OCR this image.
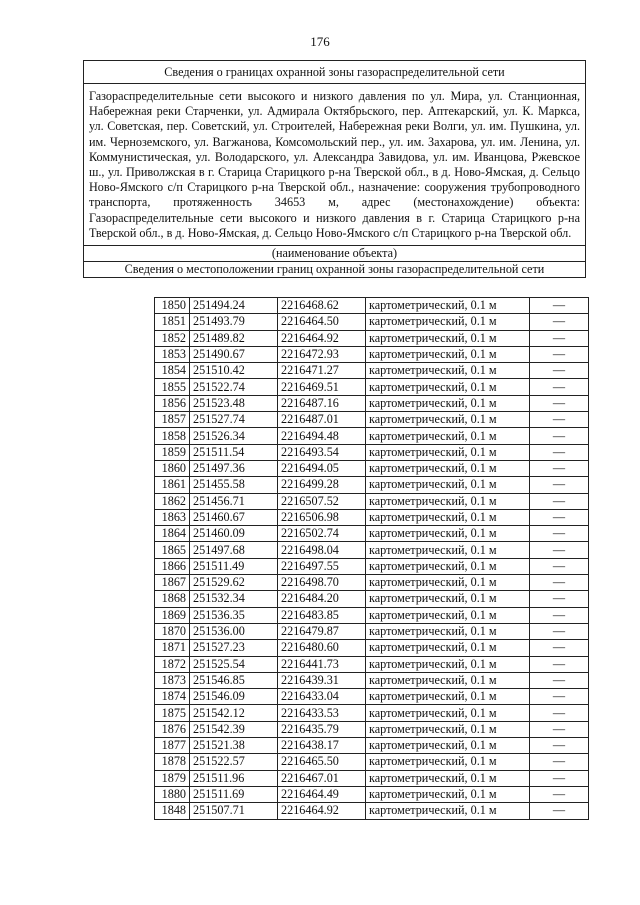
176
Сведения о границах охранной зоны газораспределительной сети
Газораспределительные сети высокого и низкого давления по ул. Мира, ул. Станционная, Набережная реки Старченки, ул. Адмирала Октябрьского, пер. Аптекарский, ул. К. Маркса, ул. Советская, пер. Советский, ул. Строителей, Набережная реки Волги, ул. им. Пушкина, ул. им. Черноземского, ул. Вагжанова, Комсомольский пер., ул. им. Захарова, ул. им. Ленина, ул. Коммунистическая, ул. Володарского, ул. Александра Завидова, ул. им. Иванцова, Ржевское ш., ул. Приволжская в г. Старица Старицкого р-на Тверской обл., в д. Ново-Ямская, д. Сельцо Ново-Ямского с/п Старицкого р-на Тверской обл., назначение: сооружения трубопроводного транспорта, протяженность 34653 м, адрес (местонахождение) объекта: Газораспределительные сети высокого и низкого давления в г. Старица Старицкого р-на Тверской обл., в д. Ново-Ямская, д. Сельцо Ново-Ямского с/п Старицкого р-на Тверской обл.
(наименование объекта)
Сведения о местоположении границ охранной зоны газораспределительной сети
1850	251494.24	2216468.62	картометрический, 0.1 м	—
1851	251493.79	2216464.50	картометрический, 0.1 м	—
1852	251489.82	2216464.92	картометрический, 0.1 м	—
1853	251490.67	2216472.93	картометрический, 0.1 м	—
1854	251510.42	2216471.27	картометрический, 0.1 м	—
1855	251522.74	2216469.51	картометрический, 0.1 м	—
1856	251523.48	2216487.16	картометрический, 0.1 м	—
1857	251527.74	2216487.01	картометрический, 0.1 м	—
1858	251526.34	2216494.48	картометрический, 0.1 м	—
1859	251511.54	2216493.54	картометрический, 0.1 м	—
1860	251497.36	2216494.05	картометрический, 0.1 м	—
1861	251455.58	2216499.28	картометрический, 0.1 м	—
1862	251456.71	2216507.52	картометрический, 0.1 м	—
1863	251460.67	2216506.98	картометрический, 0.1 м	—
1864	251460.09	2216502.74	картометрический, 0.1 м	—
1865	251497.68	2216498.04	картометрический, 0.1 м	—
1866	251511.49	2216497.55	картометрический, 0.1 м	—
1867	251529.62	2216498.70	картометрический, 0.1 м	—
1868	251532.34	2216484.20	картометрический, 0.1 м	—
1869	251536.35	2216483.85	картометрический, 0.1 м	—
1870	251536.00	2216479.87	картометрический, 0.1 м	—
1871	251527.23	2216480.60	картометрический, 0.1 м	—
1872	251525.54	2216441.73	картометрический, 0.1 м	—
1873	251546.85	2216439.31	картометрический, 0.1 м	—
1874	251546.09	2216433.04	картометрический, 0.1 м	—
1875	251542.12	2216433.53	картометрический, 0.1 м	—
1876	251542.39	2216435.79	картометрический, 0.1 м	—
1877	251521.38	2216438.17	картометрический, 0.1 м	—
1878	251522.57	2216465.50	картометрический, 0.1 м	—
1879	251511.96	2216467.01	картометрический, 0.1 м	—
1880	251511.69	2216464.49	картометрический, 0.1 м	—
1848	251507.71	2216464.92	картометрический, 0.1 м	—
